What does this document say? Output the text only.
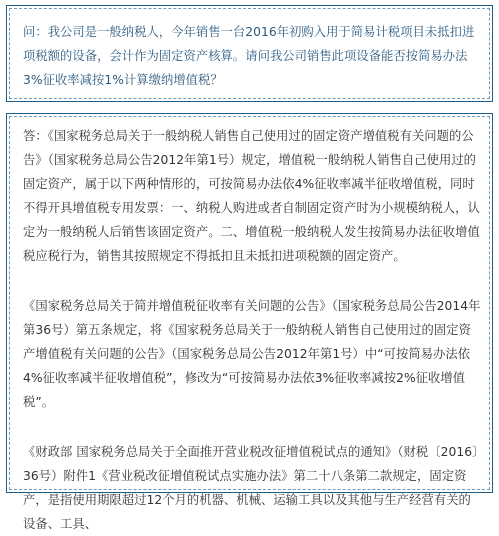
问：我公司是一般纳税人，今年销售一台2016年初购入用于简易计税项目未抵扣进项税额的设备，会计作为固定资产核算。请问我公司销售此项设备能否按简易办法3%征收率减按1%计算缴纳增值税？

答：《国家税务总局关于一般纳税人销售自己使用过的固定资产增值税有关问题的公告》（国家税务总局公告2012年第1号）规定，增值税一般纳税人销售自己使用过的固定资产，属于以下两种情形的，可按简易办法依4%征收率减半征收增值税，同时不得开具增值税专用发票：一、纳税人购进或者自制固定资产时为小规模纳税人，认定为一般纳税人后销售该固定资产。二、增值税一般纳税人发生按简易办法征收增值税应税行为，销售其按照规定不得抵扣且未抵扣进项税额的固定资产。

《国家税务总局关于简并增值税征收率有关问题的公告》（国家税务总局公告2014年第36号）第五条规定，将《国家税务总局关于一般纳税人销售自己使用过的固定资产增值税有关问题的公告》（国家税务总局公告2012年第1号）中“可按简易办法依4%征收率减半征收增值税”，修改为“可按简易办法依3%征收率减按2%征收增值税”。

《财政部 国家税务总局关于全面推开营业税改征增值税试点的通知》（财税〔2016〕36号）附件1《营业税改征增值税试点实施办法》第二十八条第二款规定，固定资产，是指使用期限超过12个月的机器、机械、运输工具以及其他与生产经营有关的设备、工具、
